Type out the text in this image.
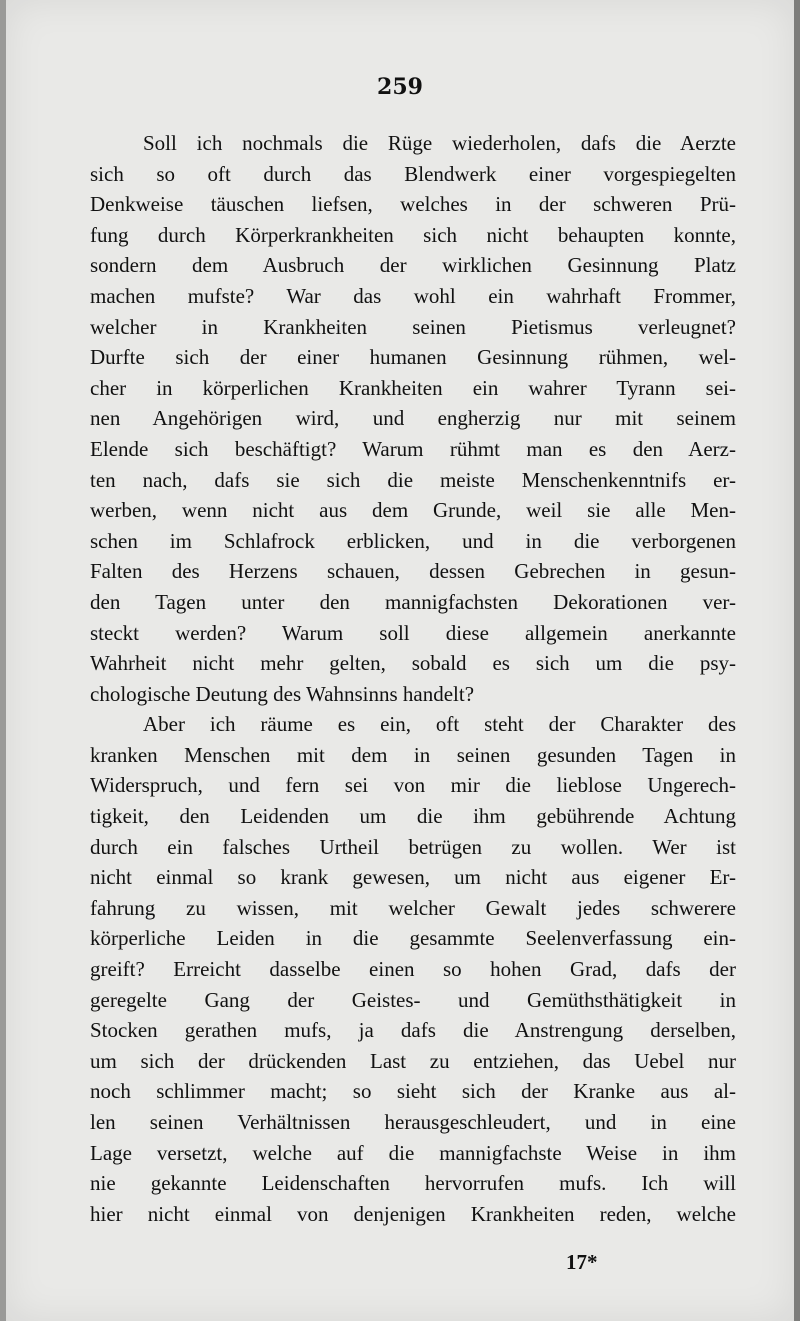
259
Soll ich nochmals die Rüge wiederholen, dafs die Aerzte
sich so oft durch das Blendwerk einer vorgespiegelten
Denkweise täuschen liefsen, welches in der schweren Prü-
fung durch Körperkrankheiten sich nicht behaupten konnte,
sondern dem Ausbruch der wirklichen Gesinnung Platz
machen mufste? War das wohl ein wahrhaft Frommer,
welcher in Krankheiten seinen Pietismus verleugnet?
Durfte sich der einer humanen Gesinnung rühmen, wel-
cher in körperlichen Krankheiten ein wahrer Tyrann sei-
nen Angehörigen wird, und engherzig nur mit seinem
Elende sich beschäftigt? Warum rühmt man es den Aerz-
ten nach, dafs sie sich die meiste Menschenkenntnifs er-
werben, wenn nicht aus dem Grunde, weil sie alle Men-
schen im Schlafrock erblicken, und in die verborgenen
Falten des Herzens schauen, dessen Gebrechen in gesun-
den Tagen unter den mannigfachsten Dekorationen ver-
steckt werden? Warum soll diese allgemein anerkannte
Wahrheit nicht mehr gelten, sobald es sich um die psy-
chologische Deutung des Wahnsinns handelt?
Aber ich räume es ein, oft steht der Charakter des
kranken Menschen mit dem in seinen gesunden Tagen in
Widerspruch, und fern sei von mir die lieblose Ungerech-
tigkeit, den Leidenden um die ihm gebührende Achtung
durch ein falsches Urtheil betrügen zu wollen. Wer ist
nicht einmal so krank gewesen, um nicht aus eigener Er-
fahrung zu wissen, mit welcher Gewalt jedes schwerere
körperliche Leiden in die gesammte Seelenverfassung ein-
greift? Erreicht dasselbe einen so hohen Grad, dafs der
geregelte Gang der Geistes- und Gemüthsthätigkeit in
Stocken gerathen mufs, ja dafs die Anstrengung derselben,
um sich der drückenden Last zu entziehen, das Uebel nur
noch schlimmer macht; so sieht sich der Kranke aus al-
len seinen Verhältnissen herausgeschleudert, und in eine
Lage versetzt, welche auf die mannigfachste Weise in ihm
nie gekannte Leidenschaften hervorrufen mufs. Ich will
hier nicht einmal von denjenigen Krankheiten reden, welche
17*
